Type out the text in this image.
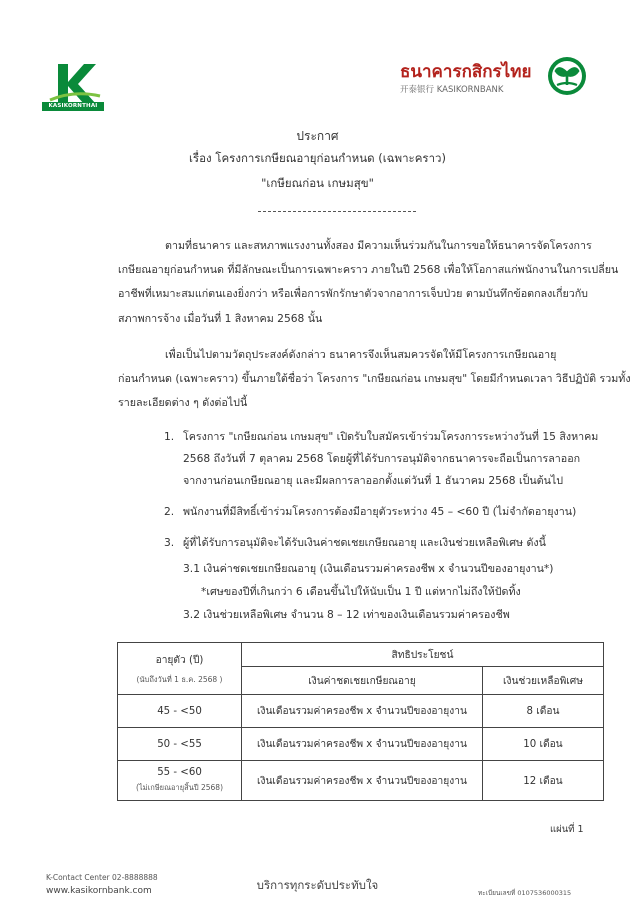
KASIKORNTHAI
ธนาคารกสิกรไทย
开泰银行 KASIKORNBANK
ประกาศ
เรื่อง โครงการเกษียณอายุก่อนกำหนด (เฉพาะคราว)
"เกษียณก่อน เกษมสุข"
ตามที่ธนาคาร และสหภาพแรงงานทั้งสอง มีความเห็นร่วมกันในการขอให้ธนาคารจัดโครงการ
เกษียณอายุก่อนกำหนด ที่มีลักษณะเป็นการเฉพาะคราว ภายในปี 2568 เพื่อให้โอกาสแก่พนักงานในการเปลี่ยน
อาชีพที่เหมาะสมแก่ตนเองยิ่งกว่า หรือเพื่อการพักรักษาตัวจากอาการเจ็บป่วย ตามบันทึกข้อตกลงเกี่ยวกับ
สภาพการจ้าง เมื่อวันที่ 1 สิงหาคม 2568 นั้น
เพื่อเป็นไปตามวัตถุประสงค์ดังกล่าว ธนาคารจึงเห็นสมควรจัดให้มีโครงการเกษียณอายุ
ก่อนกำหนด (เฉพาะคราว) ขึ้นภายใต้ชื่อว่า โครงการ "เกษียณก่อน เกษมสุข" โดยมีกำหนดเวลา วิธีปฏิบัติ รวมทั้ง
รายละเอียดต่าง ๆ ดังต่อไปนี้
1. โครงการ "เกษียณก่อน เกษมสุข" เปิดรับใบสมัครเข้าร่วมโครงการระหว่างวันที่ 15 สิงหาคม
2568 ถึงวันที่ 7 ตุลาคม 2568 โดยผู้ที่ได้รับการอนุมัติจากธนาคารจะถือเป็นการลาออก
จากงานก่อนเกษียณอายุ และมีผลการลาออกตั้งแต่วันที่ 1 ธันวาคม 2568 เป็นต้นไป
2. พนักงานที่มีสิทธิ์เข้าร่วมโครงการต้องมีอายุตัวระหว่าง 45 – <60 ปี (ไม่จำกัดอายุงาน)
3. ผู้ที่ได้รับการอนุมัติจะได้รับเงินค่าชดเชยเกษียณอายุ และเงินช่วยเหลือพิเศษ ดังนี้
3.1 เงินค่าชดเชยเกษียณอายุ (เงินเดือนรวมค่าครองชีพ x จำนวนปีของอายุงาน*)
*เศษของปีที่เกินกว่า 6 เดือนขึ้นไปให้นับเป็น 1 ปี แต่หากไม่ถึงให้ปัดทิ้ง
3.2 เงินช่วยเหลือพิเศษ จำนวน 8 – 12 เท่าของเงินเดือนรวมค่าครองชีพ
อายุตัว (ปี)
(นับถึงวันที่ 1 ธ.ค. 2568 )	สิทธิประโยชน์	
	เงินค่าชดเชยเกษียณอายุ	เงินช่วยเหลือพิเศษ
45 - <50	เงินเดือนรวมค่าครองชีพ x จำนวนปีของอายุงาน	8 เดือน
50 - <55	เงินเดือนรวมค่าครองชีพ x จำนวนปีของอายุงาน	10 เดือน

55 - <60
(ไม่เกษียณอายุสิ้นปี 2568)	เงินเดือนรวมค่าครองชีพ x จำนวนปีของอายุงาน	12 เดือน
แผ่นที่ 1
K-Contact Center 02-8888888
www.kasikornbank.com	บริการทุกระดับประทับใจ
ทะเบียนเลขที่ 0107536000315
